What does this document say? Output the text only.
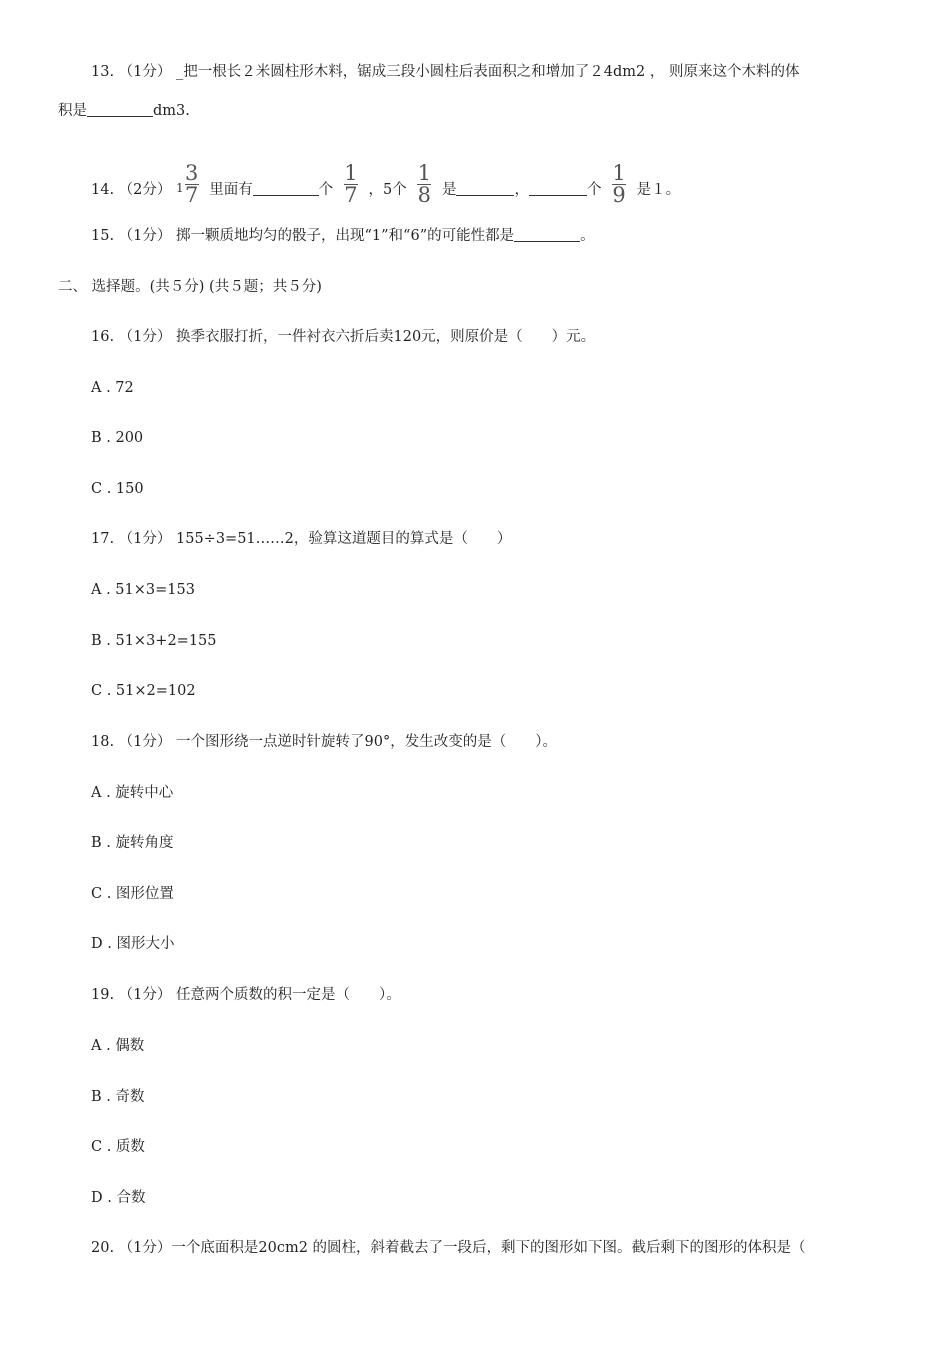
13. （1分） _把一根长２米圆柱形木料，锯成三段小圆柱后表面积之和增加了２4dm2 ， 则原来这个木料的体
积是	dm3.
14. （2分） $1 \frac{3}{7}$ 里面有	个 $\frac{1}{7}$ ，5个 $\frac{1}{8}$ 是	，	个 $\frac{1}{9}$ 是１。
15. （1分） 掷一颗质地均匀的骰子，出现“1”和“6”的可能性都是	。
二、 选择题。(共５分) (共５题；共５分)
16. （1分） 换季衣服打折，一件衬衣六折后卖120元，则原价是（　　）元。
A . 72
B . 200
C . 150
17. （1分） 155÷3=51……2，验算这道题目的算式是（　　）
A . 51×3=153
B . 51×3+2=155
C . 51×2=102
18. （1分） 一个图形绕一点逆时针旋转了90°，发生改变的是（　　）。
A . 旋转中心
B . 旋转角度
C . 图形位置
D . 图形大小
19. （1分） 任意两个质数的积一定是（　　）。
A . 偶数
B . 奇数
C . 质数
D . 合数
20. （1分）一个底面积是20cm2 的圆柱，斜着截去了一段后，剩下的图形如下图。截后剩下的图形的体积是（
